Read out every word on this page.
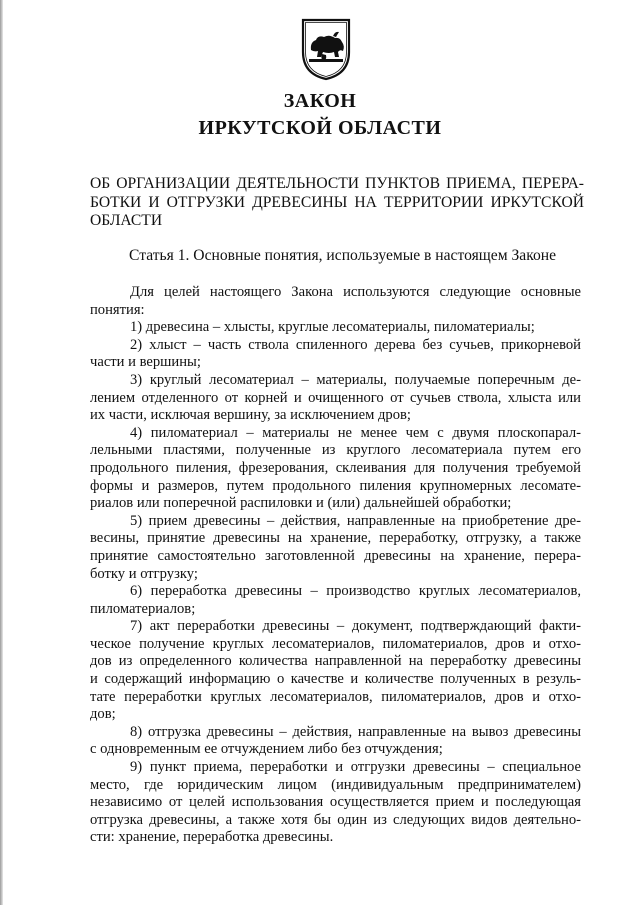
ЗАКОН
ИРКУТСКОЙ ОБЛАСТИ
ОБ ОРГАНИЗАЦИИ ДЕЯТЕЛЬНОСТИ ПУНКТОВ ПРИЕМА, ПЕРЕРА-
БОТКИ И ОТГРУЗКИ ДРЕВЕСИНЫ НА ТЕРРИТОРИИ ИРКУТСКОЙ
ОБЛАСТИ
Статья 1. Основные понятия, используемые в настоящем Законе
Для целей настоящего Закона используются следующие основные
понятия:
1) древесина – хлысты, круглые лесоматериалы, пиломатериалы;
2) хлыст – часть ствола спиленного дерева без сучьев, прикорневой
части и вершины;
3) круглый лесоматериал – материалы, получаемые поперечным де-
лением отделенного от корней и очищенного от сучьев ствола, хлыста или
их части, исключая вершину, за исключением дров;
4) пиломатериал – материалы не менее чем с двумя плоскопарал-
лельными пластями, полученные из круглого лесоматериала путем его
продольного пиления, фрезерования, склеивания для получения требуемой
формы и размеров, путем продольного пиления крупномерных лесомате-
риалов или поперечной распиловки и (или) дальнейшей обработки;
5) прием древесины – действия, направленные на приобретение дре-
весины, принятие древесины на хранение, переработку, отгрузку, а также
принятие самостоятельно заготовленной древесины на хранение, перера-
ботку и отгрузку;
6) переработка древесины – производство круглых лесоматериалов,
пиломатериалов;
7) акт переработки древесины – документ, подтверждающий факти-
ческое получение круглых лесоматериалов, пиломатериалов, дров и отхо-
дов из определенного количества направленной на переработку древесины
и содержащий информацию о качестве и количестве полученных в резуль-
тате переработки круглых лесоматериалов, пиломатериалов, дров и отхо-
дов;
8) отгрузка древесины – действия, направленные на вывоз древесины
с одновременным ее отчуждением либо без отчуждения;
9) пункт приема, переработки и отгрузки древесины – специальное
место, где юридическим лицом (индивидуальным предпринимателем)
независимо от целей использования осуществляется прием и последующая
отгрузка древесины, а также хотя бы один из следующих видов деятельно-
сти: хранение, переработка древесины.
